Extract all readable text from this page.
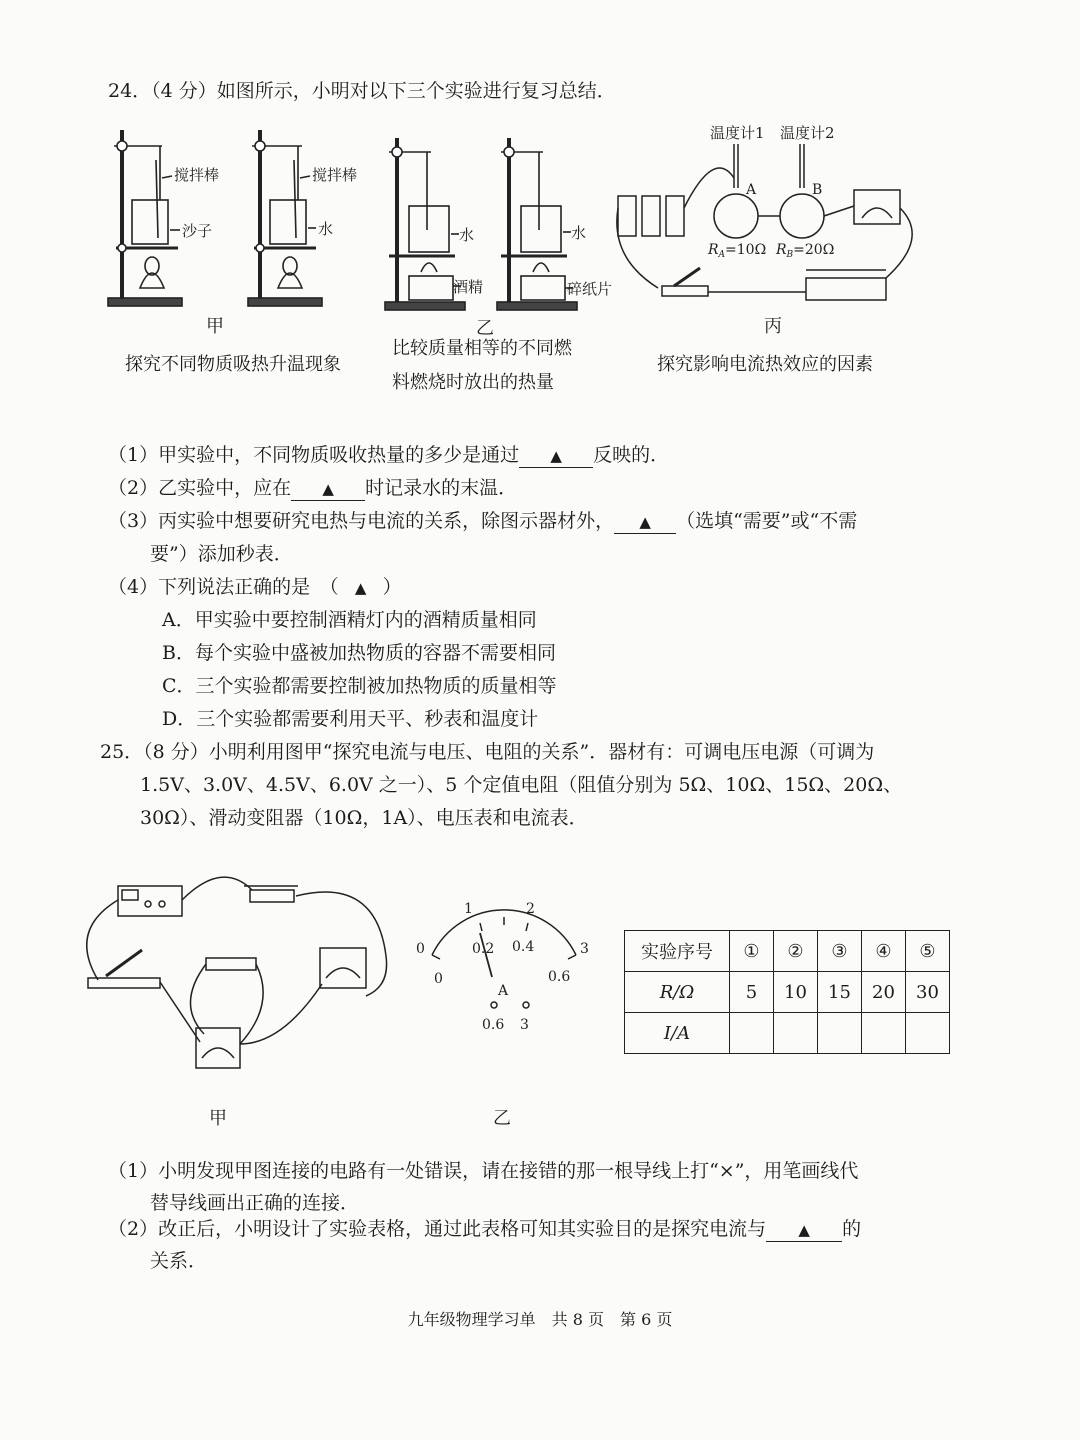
24．（4 分）如图所示，小明对以下三个实验进行复习总结．
搅拌棒
沙子
搅拌棒
水
甲
探究不同物质吸热升温现象
水
酒精
水
碎纸片
乙
比较质量相等的不同燃
料燃烧时放出的热量
温度计1 温度计2
A	B
$R_A=10\Omega$ $R_B=20\Omega$
丙
探究影响电流热效应的因素
（1）甲实验中，不同物质吸收热量的多少是通过 ▲ 反映的．
（2）乙实验中，应在 ▲ 时记录水的末温．
（3）丙实验中想要研究电热与电流的关系，除图示器材外， ▲ （选填“需要”或“不需
要”）添加秒表．
（4）下列说法正确的是　（ ▲ ）
A．甲实验中要控制酒精灯内的酒精质量相同
B．每个实验中盛被加热物质的容器不需要相同
C．三个实验都需要控制被加热物质的质量相等
D．三个实验都需要利用天平、秒表和温度计
25．（8 分）小明利用图甲“探究电流与电压、电阻的关系”．器材有：可调电压电源（可调为
1.5V、3.0V、4.5V、6.0V 之一）、5 个定值电阻（阻值分别为 5Ω、10Ω、15Ω、20Ω、
30Ω）、滑动变阻器（10Ω，1A）、电压表和电流表．
甲
0
1	2
3
0
0.2 0.4
0.6
A
0.6 3
乙
实验序号	①	②	③	④	⑤
R/Ω	5	10	15	20	30
I/A					
（1）小明发现甲图连接的电路有一处错误，请在接错的那一根导线上打“×”，用笔画线代
替导线画出正确的连接．
（2）改正后，小明设计了实验表格，通过此表格可知其实验目的是探究电流与 ▲ 的
关系．
九年级物理学习单　共 8 页　第 6 页
